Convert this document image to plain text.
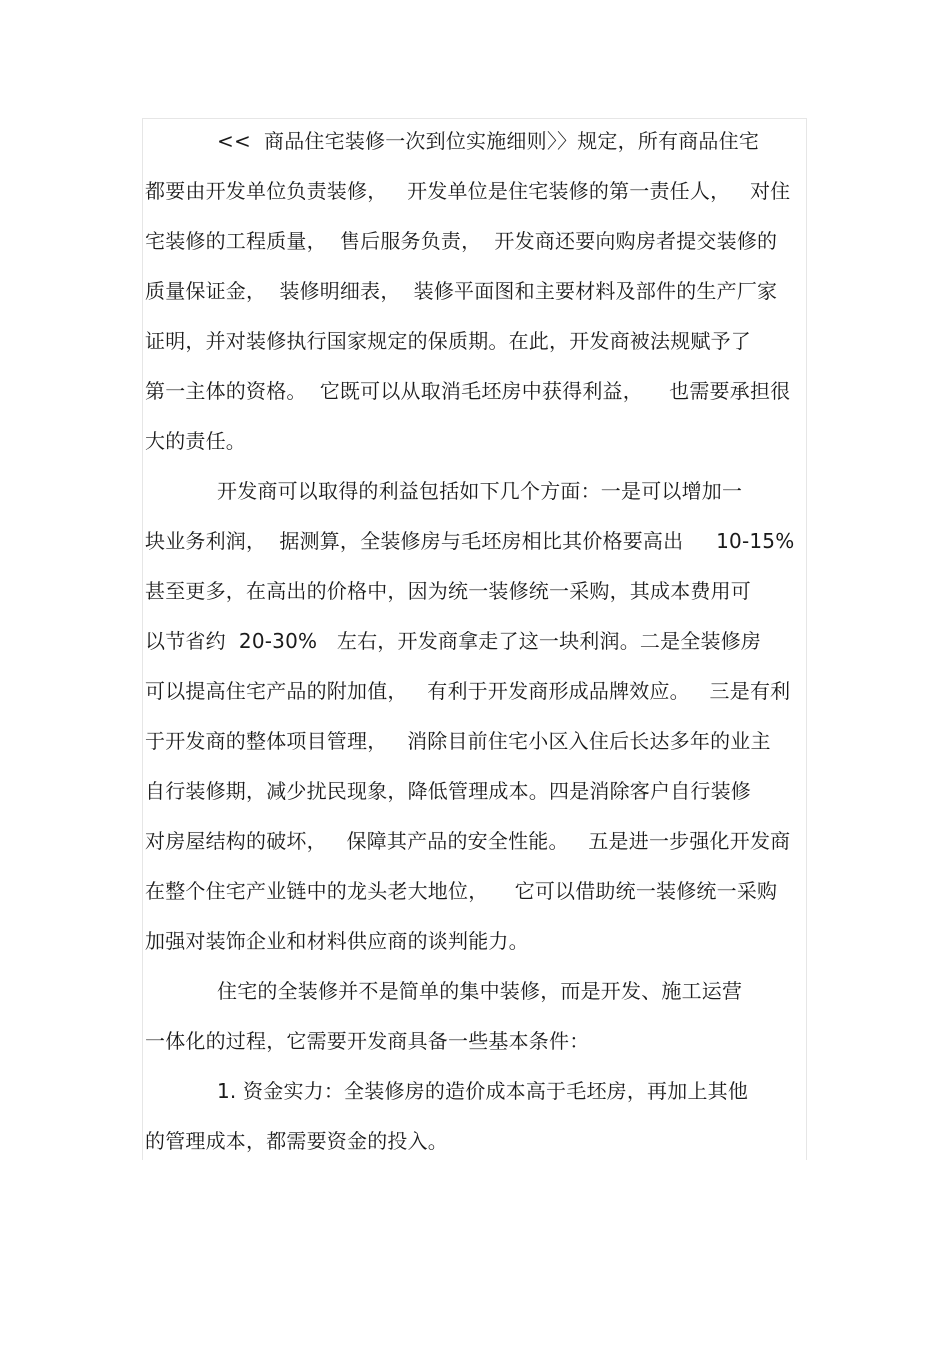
<<  商品住宅装修一次到位实施细则〉〉规定，所有商品住宅
都要由开发单位负责装修，   开发单位是住宅装修的第一责任人，   对住
宅装修的工程质量，  售后服务负责，  开发商还要向购房者提交装修的
质量保证金，  装修明细表，  装修平面图和主要材料及部件的生产厂家
证明，并对装修执行国家规定的保质期。在此，开发商被法规赋予了
第一主体的资格。  它既可以从取消毛坯房中获得利益，    也需要承担很
大的责任。
开发商可以取得的利益包括如下几个方面：一是可以增加一
块业务利润，  据测算，全装修房与毛坯房相比其价格要高出     10-15%
甚至更多，在高出的价格中，因为统一装修统一采购，其成本费用可
以节省约  20-30%   左右，开发商拿走了这一块利润。二是全装修房
可以提高住宅产品的附加值，   有利于开发商形成品牌效应。   三是有利
于开发商的整体项目管理，   消除目前住宅小区入住后长达多年的业主
自行装修期，减少扰民现象，降低管理成本。四是消除客户自行装修
对房屋结构的破坏，   保障其产品的安全性能。   五是进一步强化开发商
在整个住宅产业链中的龙头老大地位，    它可以借助统一装修统一采购
加强对装饰企业和材料供应商的谈判能力。
住宅的全装修并不是简单的集中装修，而是开发、施工运营
一体化的过程，它需要开发商具备一些基本条件：
1. 资金实力：全装修房的造价成本高于毛坯房，再加上其他
的管理成本，都需要资金的投入。
